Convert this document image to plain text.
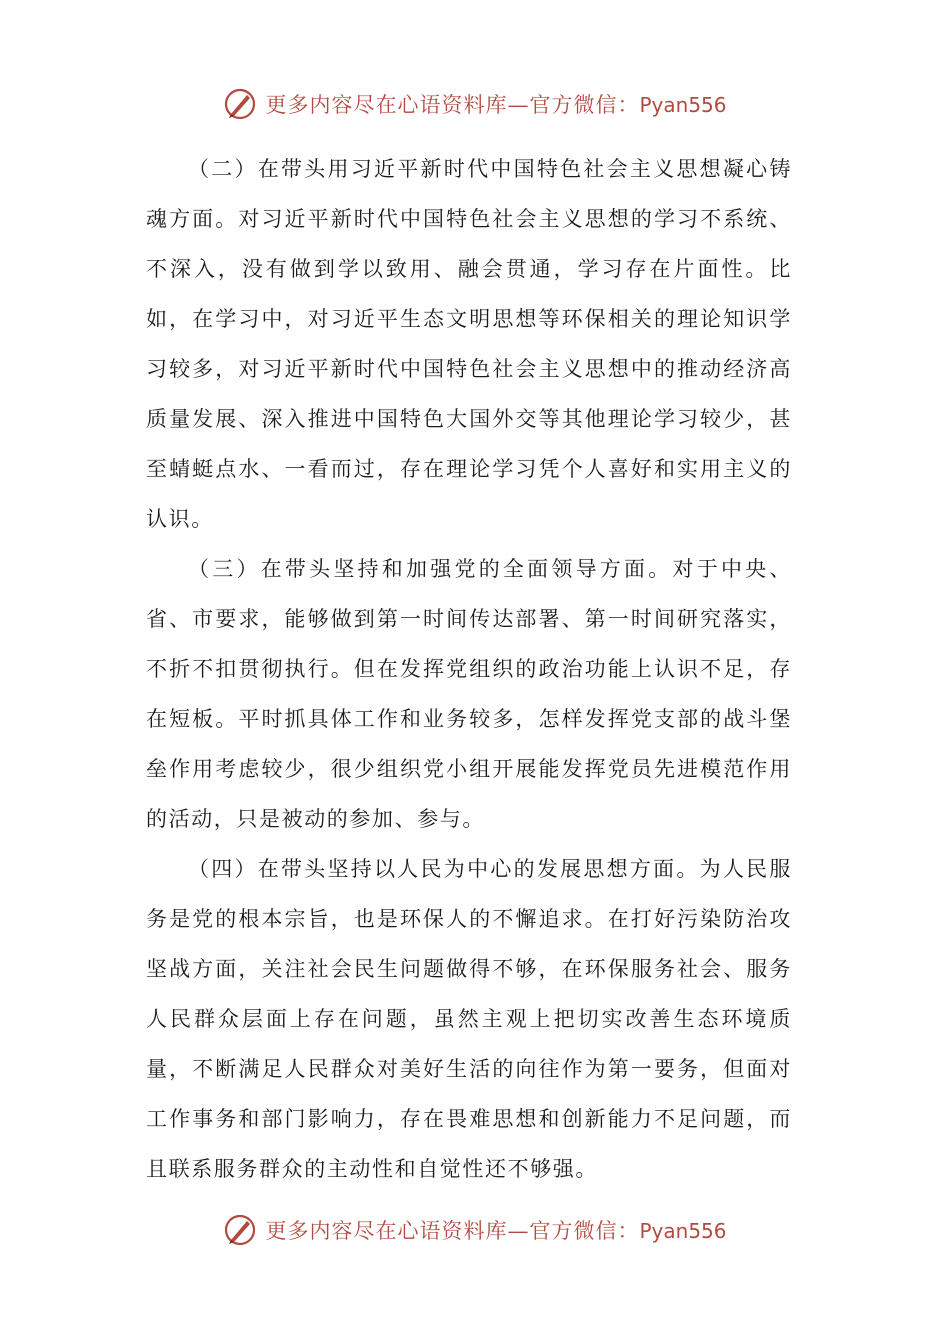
更多内容尽在心语资料库—官方微信：Pyan556

（二）在带头用习近平新时代中国特色社会主义思想凝心铸魂方面。对习近平新时代中国特色社会主义思想的学习不系统、不深入，没有做到学以致用、融会贯通，学习存在片面性。比如，在学习中，对习近平生态文明思想等环保相关的理论知识学习较多，对习近平新时代中国特色社会主义思想中的推动经济高质量发展、深入推进中国特色大国外交等其他理论学习较少，甚至蜻蜓点水、一看而过，存在理论学习凭个人喜好和实用主义的认识。

（三）在带头坚持和加强党的全面领导方面。对于中央、省、市要求，能够做到第一时间传达部署、第一时间研究落实，不折不扣贯彻执行。但在发挥党组织的政治功能上认识不足，存在短板。平时抓具体工作和业务较多，怎样发挥党支部的战斗堡垒作用考虑较少，很少组织党小组开展能发挥党员先进模范作用的活动，只是被动的参加、参与。

（四）在带头坚持以人民为中心的发展思想方面。为人民服务是党的根本宗旨，也是环保人的不懈追求。在打好污染防治攻坚战方面，关注社会民生问题做得不够，在环保服务社会、服务人民群众层面上存在问题，虽然主观上把切实改善生态环境质量，不断满足人民群众对美好生活的向往作为第一要务，但面对工作事务和部门影响力，存在畏难思想和创新能力不足问题，而且联系服务群众的主动性和自觉性还不够强。

更多内容尽在心语资料库—官方微信：Pyan556
